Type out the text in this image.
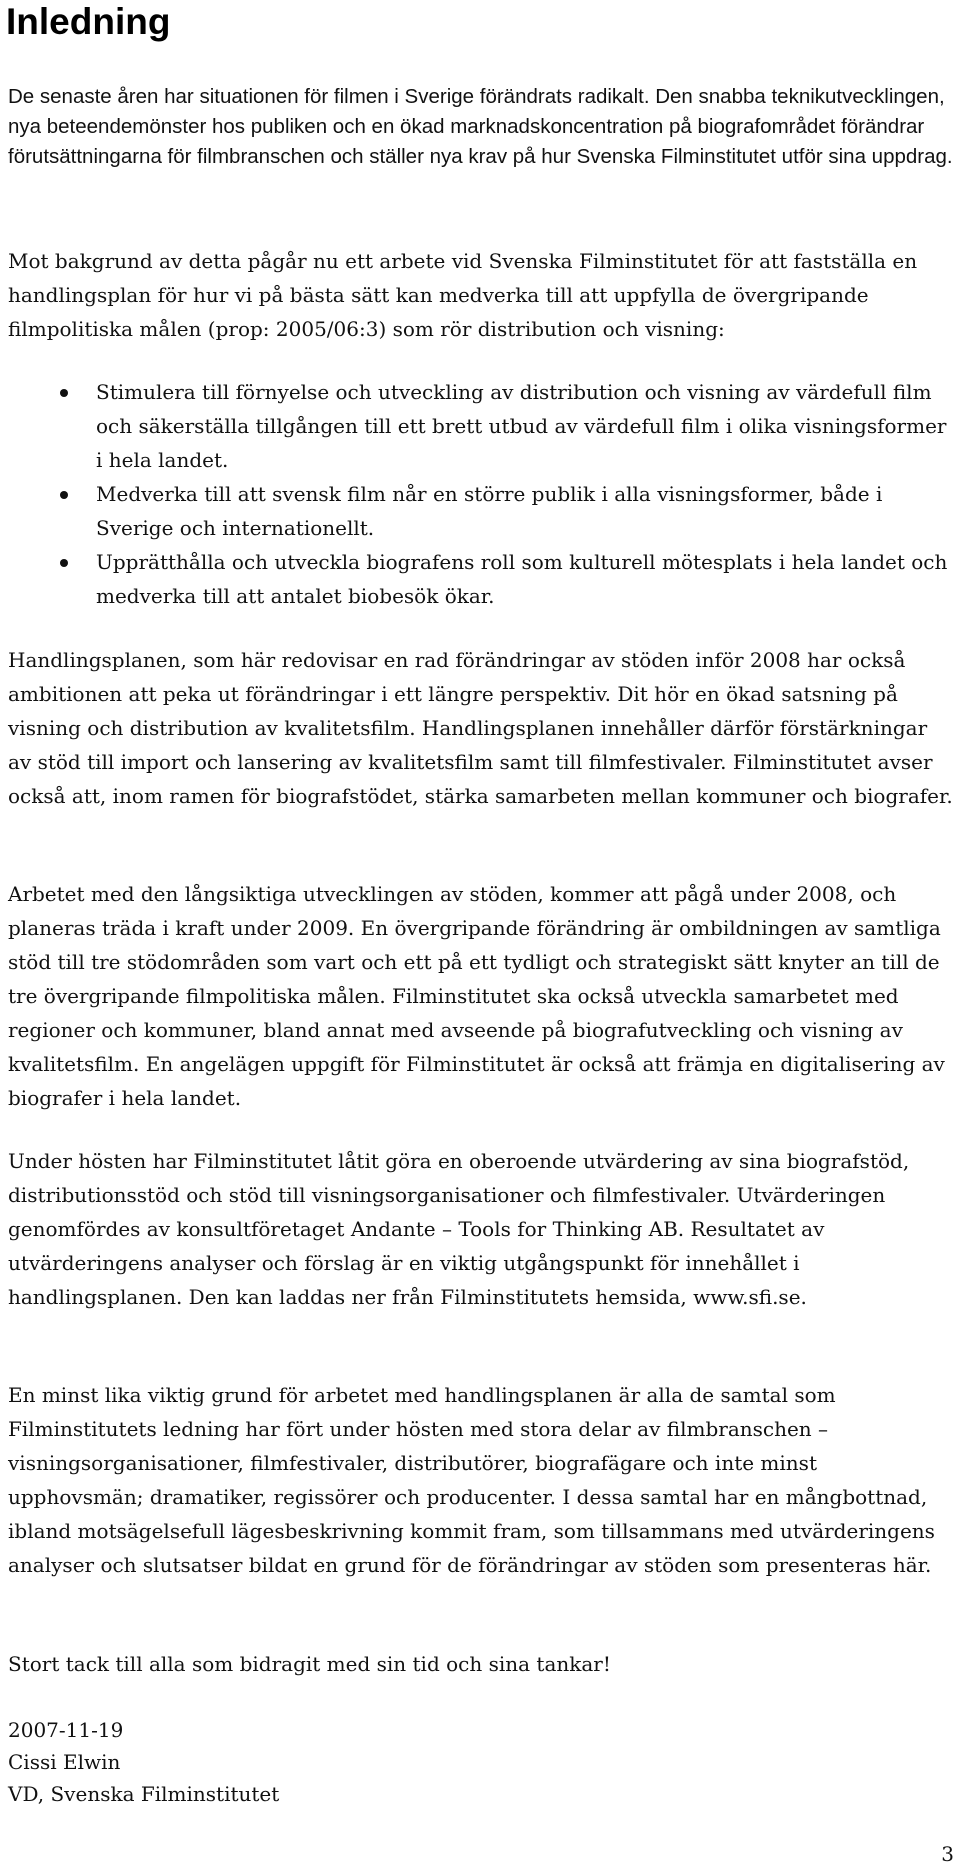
Inledning

De senaste åren har situationen för filmen i Sverige förändrats radikalt. Den snabba teknikutvecklingen, nya beteendemönster hos publiken och en ökad marknadskoncentration på biografområdet förändrar förutsättningarna för filmbranschen och ställer nya krav på hur Svenska Filminstitutet utför sina uppdrag.

Mot bakgrund av detta pågår nu ett arbete vid Svenska Filminstitutet för att fastställa en handlingsplan för hur vi på bästa sätt kan medverka till att uppfylla de övergripande filmpolitiska målen (prop: 2005/06:3) som rör distribution och visning:

Stimulera till förnyelse och utveckling av distribution och visning av värdefull film och säkerställa tillgången till ett brett utbud av värdefull film i olika visningsformer i hela landet.
Medverka till att svensk film når en större publik i alla visningsformer, både i Sverige och internationellt.
Upprätthålla och utveckla biografens roll som kulturell mötesplats i hela landet och medverka till att antalet biobesök ökar.

Handlingsplanen, som här redovisar en rad förändringar av stöden inför 2008 har också ambitionen att peka ut förändringar i ett längre perspektiv. Dit hör en ökad satsning på visning och distribution av kvalitetsfilm. Handlingsplanen innehåller därför förstärkningar av stöd till import och lansering av kvalitetsfilm samt till filmfestivaler. Filminstitutet avser också att, inom ramen för biografstödet, stärka samarbeten mellan kommuner och biografer.

Arbetet med den långsiktiga utvecklingen av stöden, kommer att pågå under 2008, och planeras träda i kraft under 2009. En övergripande förändring är ombildningen av samtliga stöd till tre stödområden som vart och ett på ett tydligt och strategiskt sätt knyter an till de tre övergripande filmpolitiska målen. Filminstitutet ska också utveckla samarbetet med regioner och kommuner, bland annat med avseende på biografutveckling och visning av kvalitetsfilm. En angelägen uppgift för Filminstitutet är också att främja en digitalisering av biografer i hela landet.

Under hösten har Filminstitutet låtit göra en oberoende utvärdering av sina biografstöd, distributionsstöd och stöd till visningsorganisationer och filmfestivaler. Utvärderingen genomfördes av konsultföretaget Andante – Tools for Thinking AB. Resultatet av utvärderingens analyser och förslag är en viktig utgångspunkt för innehållet i handlingsplanen. Den kan laddas ner från Filminstitutets hemsida, www.sfi.se.

En minst lika viktig grund för arbetet med handlingsplanen är alla de samtal som Filminstitutets ledning har fört under hösten med stora delar av filmbranschen – visningsorganisationer, filmfestivaler, distributörer, biografägare och inte minst upphovsmän; dramatiker, regissörer och producenter. I dessa samtal har en mångbottnad, ibland motsägelsefull lägesbeskrivning kommit fram, som tillsammans med utvärderingens analyser och slutsatser bildat en grund för de förändringar av stöden som presenteras här.

Stort tack till alla som bidragit med sin tid och sina tankar!

2007-11-19
Cissi Elwin
VD, Svenska Filminstitutet
3
